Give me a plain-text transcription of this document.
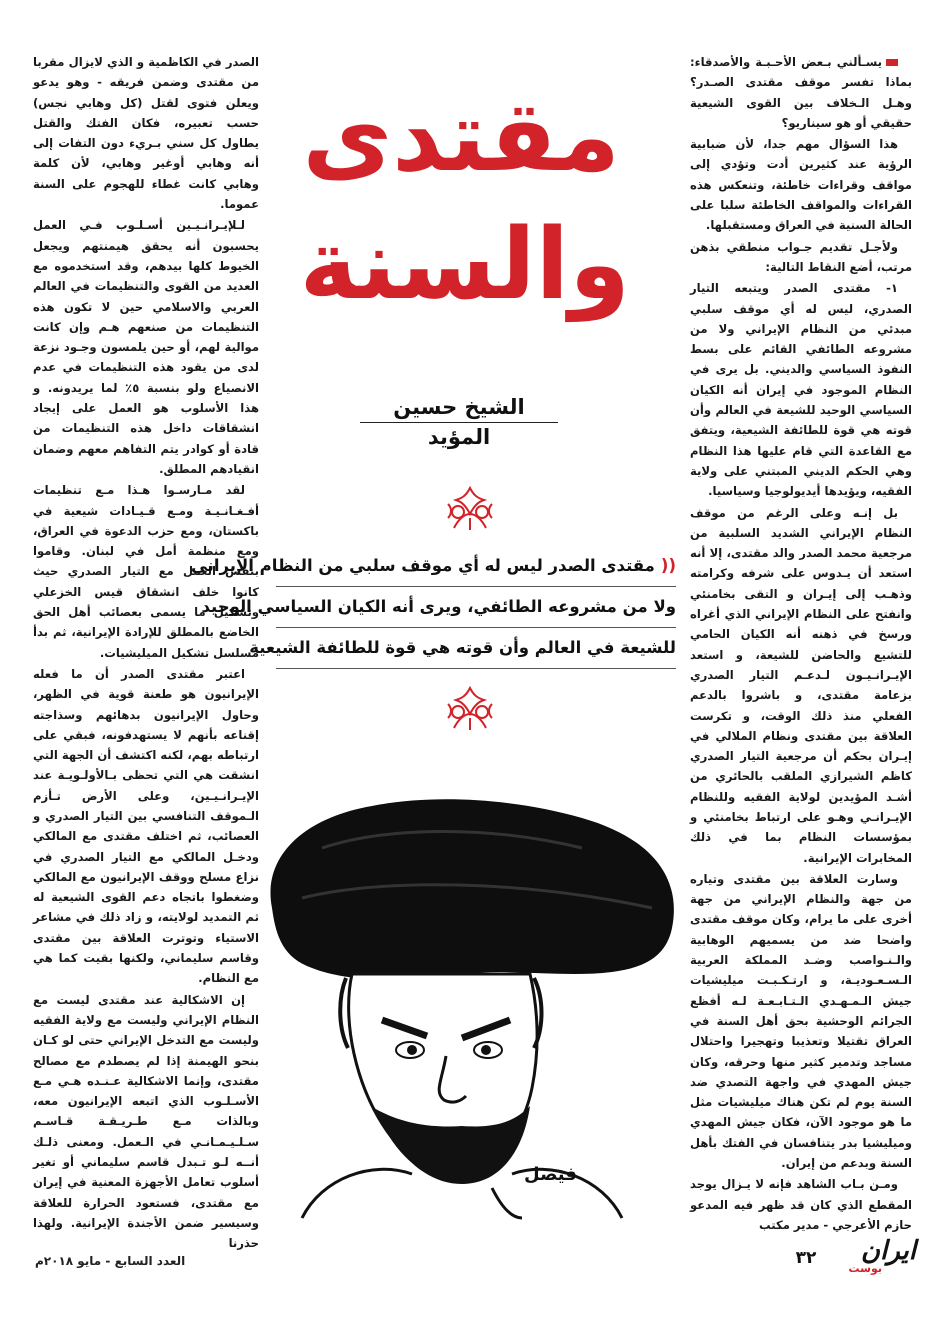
يسـألني بـعض الأحـبـة والأصدقاء: بماذا تفسر موقف مقتدى الصـدر؟ وهـل الـخلاف بين القوى الشيعية حقيقي أو هو سيناريو؟

هذا السؤال مهم جدا، لأن ضبابية الرؤية عند كثيرين أدت وتؤدي إلى مواقف وقراءات خاطئة، وتنعكس هذه القراءات والمواقف الخاطئة سلبا على الحالة السنية في العراق ومستقبلها.

ولأجـل تقديم جـواب منطقي بذهن مرتب، أضع النقاط التالية:

١- مقتدى الصدر ويتبعه التيار الصدري، ليس له أي موقف سلبي مبدئي من النظام الإيراني ولا من مشروعه الطائفي القائم على بسط النفوذ السياسي والديني. بل يرى في النظام الموجود في إيران أنه الكيان السياسي الوحيد للشيعة في العالم وأن قوته هي قوة للطائفة الشيعية، ويتفق مع القاعدة التي قام عليها هذا النظام وهي الحكم الديني المبتني على ولاية الفقيه، ويؤيدها أيديولوجيا وسياسيا.

بل إنـه وعلى الرغم من موقف النظام الإيراني الشديد السلبية من مرجعية محمد الصدر والد مقتدى، إلا أنه استعد أن يـدوس على شرفه وكرامته وذهـب إلى إيـران و التقى بخامنئي وانفتح على النظام الإيراني الذي أغراه ورسخ في ذهنه أنه الكيان الحامي للتشيع والحاضن للشيعة، و استعد الإيـرانـيـون لـدعـم التيار الصدري بزعامة مقتدى، و باشروا بالدعم الفعلي منذ ذلك الوقت، و تكرست العلاقة بين مقتدى ونظام الملالي في إيـران بحكم أن مرجعية التيار الصدري كاظم الشيرازي الملقب بالحائري من أشـد المؤيدين لولاية الفقيه وللنظام الإيـرانـي وهـو على ارتباط بخامنئي و بمؤسسات النظام بما في ذلك المخابرات الإيرانية.

وسارت العلاقة بين مقتدى وتياره من جهة والنظام الإيراني من جهة أخرى على ما يرام، وكان موقف مقتدى واضحا ضد من يسميهم الوهابية والـنـواصب وضـد المملكة العربية الـسـعـوديـة، و ارتـكـبـت ميليشيات جيش الـمـهـدي الـتـابـعـة لـه أفظع الجرائم الوحشية بحق أهل السنة في العراق تقتيلا وتعذيبا وتهجيرا واحتلال مساجد وتدمير كثير منها وحرقه، وكان جيش المهدي في واجهة التصدي ضد السنة يوم لم تكن هناك ميليشيات مثل ما هو موجود الآن، فكان جيش المهدي وميليشيا بدر يتنافسان في الفتك بأهل السنة وبدعم من إيران.

ومـن بـاب الشاهد فإنه لا يـزال يوجد المقطع الذي كان قد ظهر فيه المدعو حازم الأعرجي - مدير مكتب

الصدر في الكاظمية و الذي لايزال مقربا من مقتدى وضمن فريقه - وهو يدعو ويعلن فتوى لقتل (كل وهابي نجس) حسب تعبيره، فكان الفتك والقتل يطاول كل سني بـريء دون التفات إلى أنه وهابي أوغير وهابي، لأن كلمة وهابي كانت غطاء للهجوم على السنة عموما.

لـلإيـرانـيـين أسـلـوب فـي العمل يحسبون أنه يحقق هيمنتهم ويجعل الخيوط كلها بيدهم، وقد استخدموه مع العديد من القوى والتنظيمات في العالم العربي والاسلامي حين لا تكون هذه التنظيمات من صنعهم هـم وإن كانت موالية لهم، أو حين يلمسون وجـود نزعة لدى من يقود هذه التنظيمات في عدم الانصياع ولو بنسبة ٥٪ لما يريدونه. و هذا الأسلوب هو العمل على إيجاد انشقاقات داخل هذه التنظيمات من قادة أو كوادر يتم التفاهم معهم وضمان انقيادهم المطلق.

لقد مـارسـوا هـذا مـع تنظيمات أفـغـانـيـة ومـع قـيـادات شيعية في باكستان، ومع حزب الدعوة في العراق، ومع منظمة أمل في لبنان. وقاموا بنفس العمل مع التيار الصدري حيث كانوا خلف انشقاق قيس الخزعلي وتشكيل ما يسمى بعصائب أهل الحق الخاضع بالمطلق للإرادة الإيرانية، ثم بدأ مسلسل تشكيل الميليشيات.

اعتبر مقتدى الصدر أن ما فعله الإيرانيون هو طعنة قوية في الظهر، وحاول الإيرانيون بدهائهم وسذاجته إقناعه بأنهم لا يستهدفونه، فبقي على ارتباطه بهم، لكنه اكتشف أن الجهة التي انشقت هي التي تحظى بـالأولـويـة عند الإيـرانـيـين، وعلى الأرض تـأزم الـموقف التنافسي بين التيار الصدري و العصائب، ثم اختلف مقتدى مع المالكي ودخـل المالكي مع التيار الصدري في نزاع مسلح ووقف الإيرانيون مع المالكي وضغطوا باتجاه دعم القوى الشيعية له ثم التمديد لولايته، و زاد ذلك في مشاعر الاستياء وتوترت العلاقة بين مقتدى وقاسم سليماني، ولكنها بقيت كما هي مع النظام.

إن الاشكالية عند مقتدى ليست مع النظام الإيراني وليست مع ولاية الفقيه وليست مع التدخل الإيراني حتى لو كـان بنحو الهيمنة إذا لم يصطدم مع مصالح مقتدى، وإنما الاشكالية عـنـده هـي مـع الأسـلـوب الذي اتبعه الإيرانيون معه، وبالذات مـع طـريـقـة قـاسـم سـلـيـمـانـي في الـعمل. ومعنى ذلـك أنــه لـو تـبدل قاسم سليماني أو تغير أسلوب تعامل الأجهزة المعنية في إيران مع مقتدى، فستعود الحرارة للعلاقة وسيسير ضمن الأجندة الإيرانية. ولهذا حذرنا

مقتدى
والسنة
الشيخ حسين المؤيد
((مقتدى الصدر ليس له أي موقف سلبي من النظام الإيراني
ولا من مشروعه الطائفي، ويرى أنه الكيان السياسي الوحيد
للشيعة في العالم وأن قوته هي قوة للطائفة الشيعية
فيصل
العدد السابع - مايو ٢٠١٨م	٣٢	ايران
بوست
